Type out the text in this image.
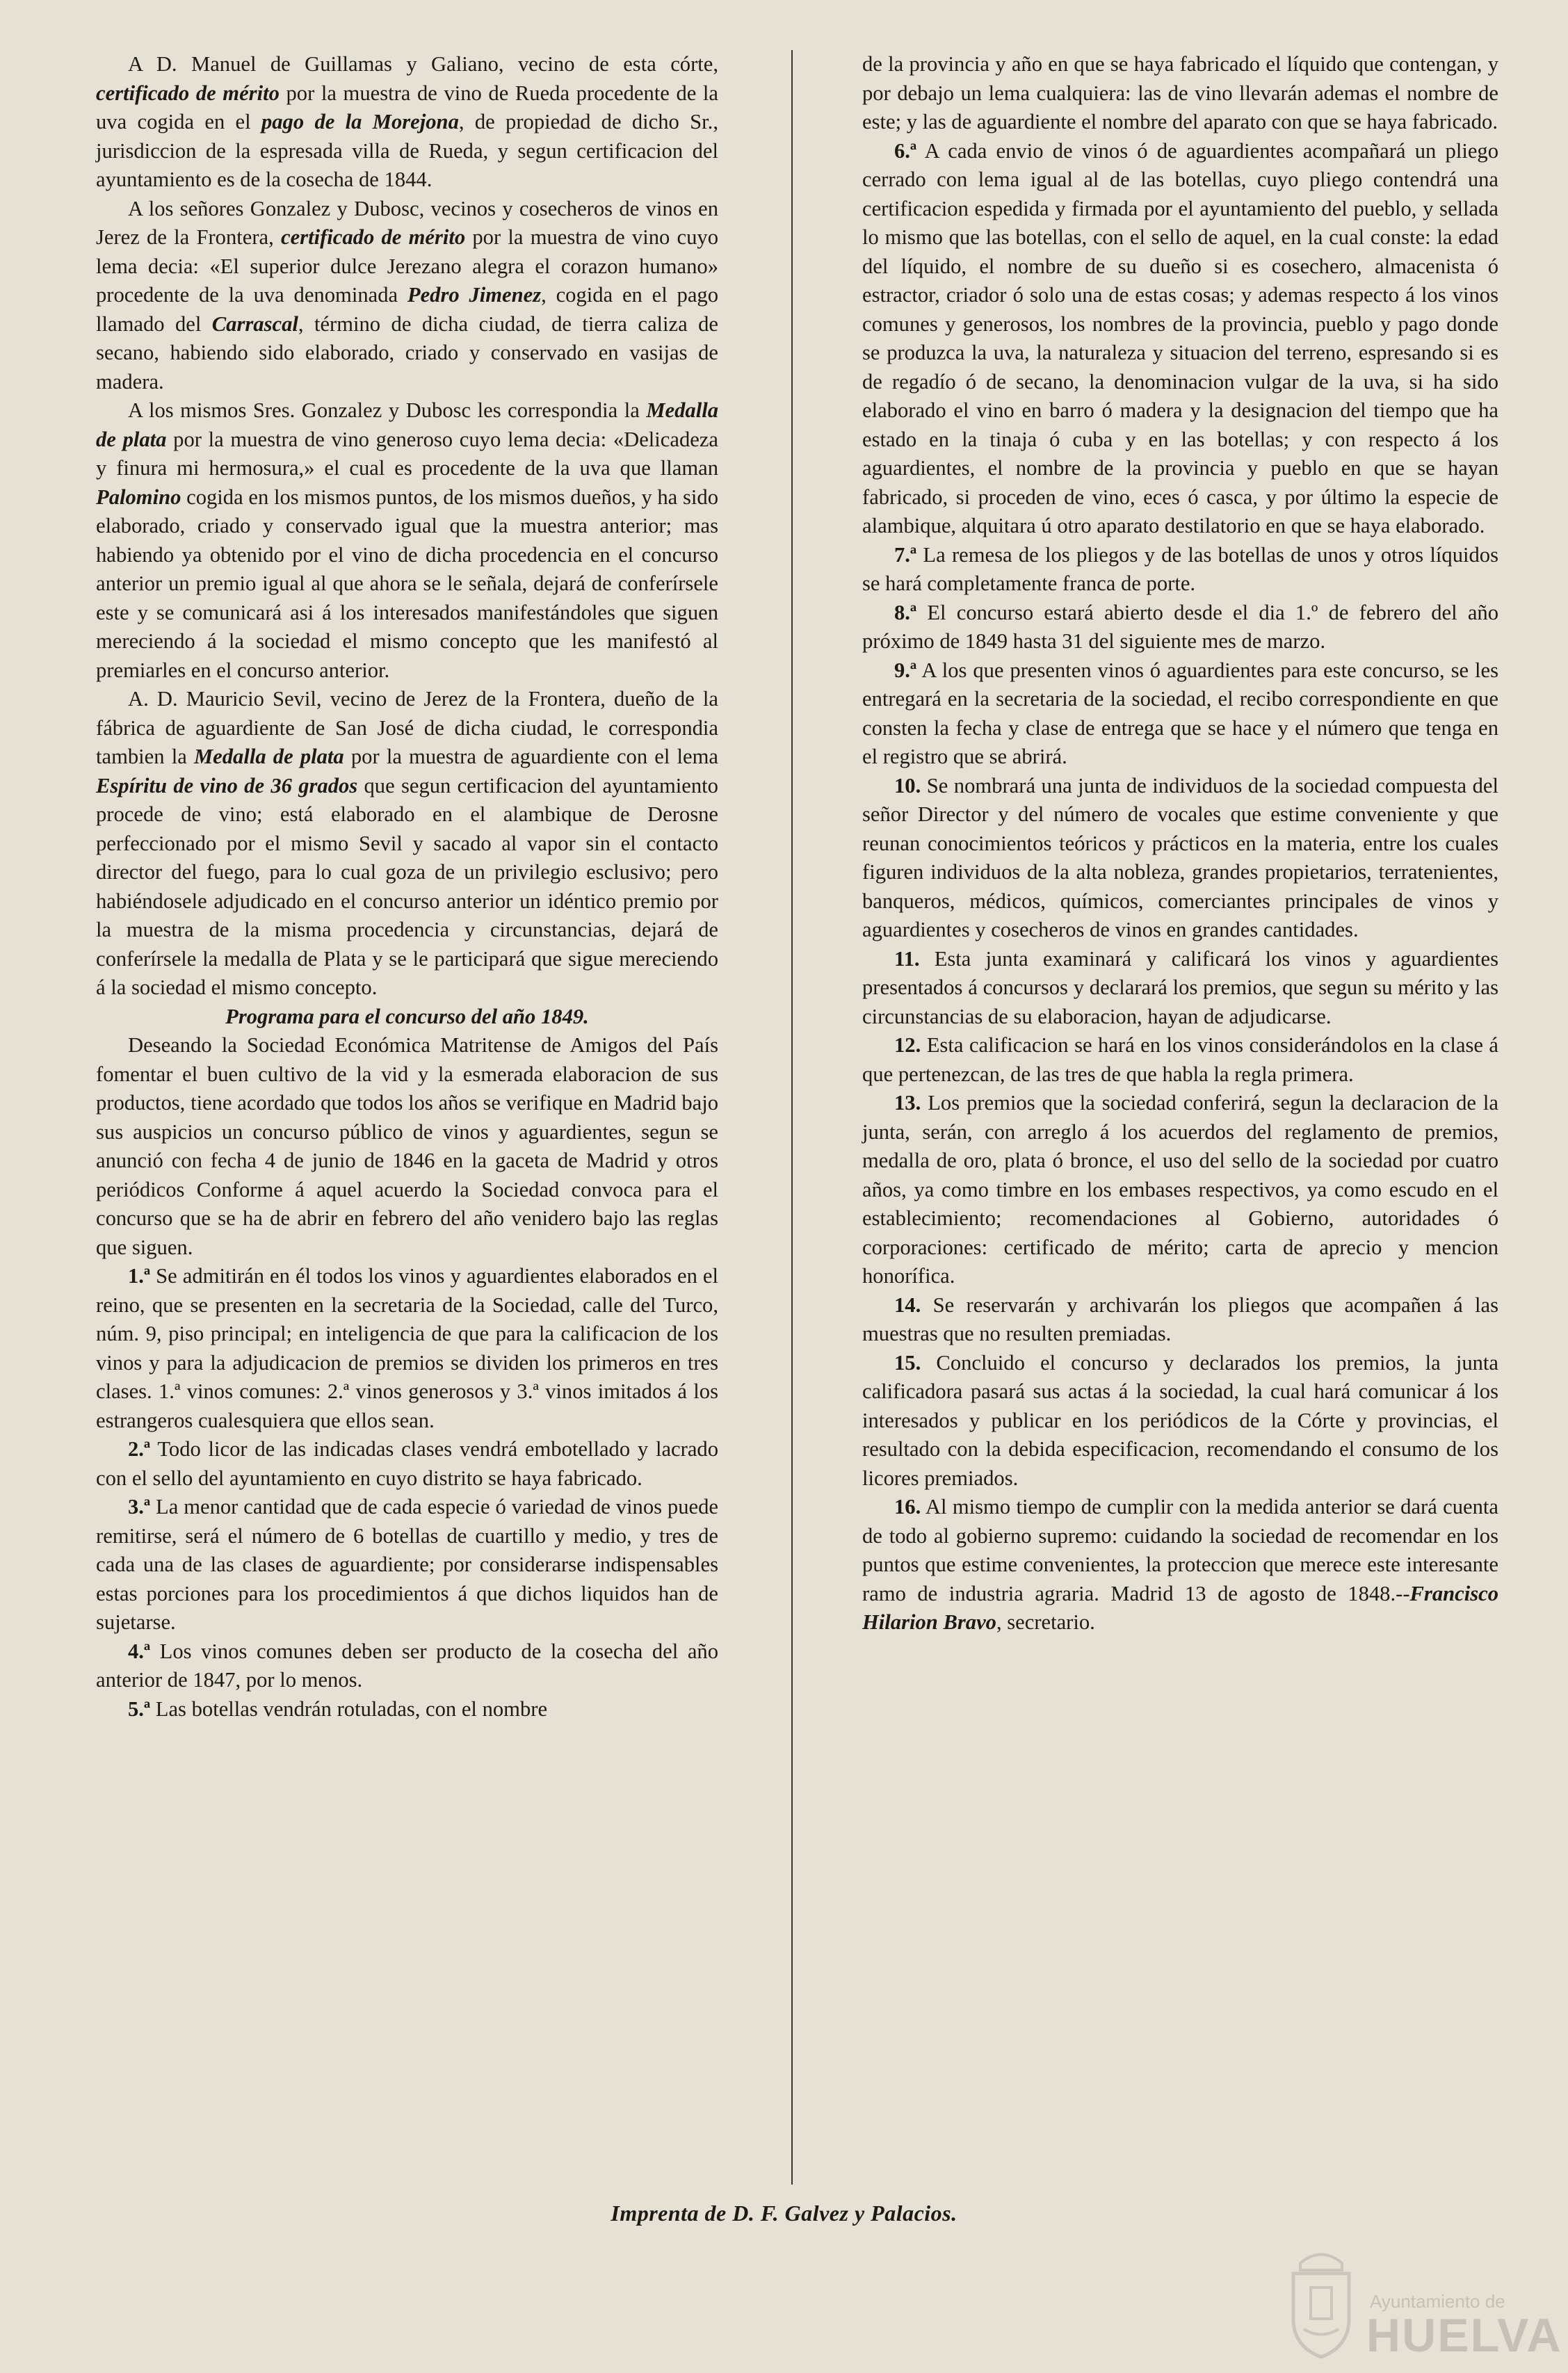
A D. Manuel de Guillamas y Galiano, vecino de esta córte, certificado de mérito por la muestra de vino de Rueda procedente de la uva cogida en el pago de la Morejona, de propiedad de dicho Sr., jurisdiccion de la espresada villa de Rueda, y segun certificacion del ayuntamiento es de la cosecha de 1844.

A los señores Gonzalez y Dubosc, vecinos y cosecheros de vinos en Jerez de la Frontera, certificado de mérito por la muestra de vino cuyo lema decia: «El superior dulce Jerezano alegra el corazon humano» procedente de la uva denominada Pedro Jimenez, cogida en el pago llamado del Carrascal, término de dicha ciudad, de tierra caliza de secano, habiendo sido elaborado, criado y conservado en vasijas de madera.

A los mismos Sres. Gonzalez y Dubosc les correspondia la Medalla de plata por la muestra de vino generoso cuyo lema decia: «Delicadeza y finura mi hermosura,» el cual es procedente de la uva que llaman Palomino cogida en los mismos puntos, de los mismos dueños, y ha sido elaborado, criado y conservado igual que la muestra anterior; mas habiendo ya obtenido por el vino de dicha procedencia en el concurso anterior un premio igual al que ahora se le señala, dejará de conferírsele este y se comunicará asi á los interesados manifestándoles que siguen mereciendo á la sociedad el mismo concepto que les manifestó al premiarles en el concurso anterior.

A. D. Mauricio Sevil, vecino de Jerez de la Frontera, dueño de la fábrica de aguardiente de San José de dicha ciudad, le correspondia tambien la Medalla de plata por la muestra de aguardiente con el lema Espíritu de vino de 36 grados que segun certificacion del ayuntamiento procede de vino; está elaborado en el alambique de Derosne perfeccionado por el mismo Sevil y sacado al vapor sin el contacto director del fuego, para lo cual goza de un privilegio esclusivo; pero habiéndosele adjudicado en el concurso anterior un idéntico premio por la muestra de la misma procedencia y circunstancias, dejará de conferírsele la medalla de Plata y se le participará que sigue mereciendo á la sociedad el mismo concepto.

Programa para el concurso del año 1849.

Deseando la Sociedad Económica Matritense de Amigos del País fomentar el buen cultivo de la vid y la esmerada elaboracion de sus productos, tiene acordado que todos los años se verifique en Madrid bajo sus auspicios un concurso público de vinos y aguardientes, segun se anunció con fecha 4 de junio de 1846 en la gaceta de Madrid y otros periódicos Conforme á aquel acuerdo la Sociedad convoca para el concurso que se ha de abrir en febrero del año venidero bajo las reglas que siguen.

1.ª Se admitirán en él todos los vinos y aguardientes elaborados en el reino, que se presenten en la secretaria de la Sociedad, calle del Turco, núm. 9, piso principal; en inteligencia de que para la calificacion de los vinos y para la adjudicacion de premios se dividen los primeros en tres clases. 1.ª vinos comunes: 2.ª vinos generosos y 3.ª vinos imitados á los estrangeros cualesquiera que ellos sean.

2.ª Todo licor de las indicadas clases vendrá embotellado y lacrado con el sello del ayuntamiento en cuyo distrito se haya fabricado.

3.ª La menor cantidad que de cada especie ó variedad de vinos puede remitirse, será el número de 6 botellas de cuartillo y medio, y tres de cada una de las clases de aguardiente; por considerarse indispensables estas porciones para los procedimientos á que dichos liquidos han de sujetarse.

4.ª Los vinos comunes deben ser producto de la cosecha del año anterior de 1847, por lo menos.

5.ª Las botellas vendrán rotuladas, con el nombre

de la provincia y año en que se haya fabricado el líquido que contengan, y por debajo un lema cualquiera: las de vino llevarán ademas el nombre de este; y las de aguardiente el nombre del aparato con que se haya fabricado.

6.ª A cada envio de vinos ó de aguardientes acompañará un pliego cerrado con lema igual al de las botellas, cuyo pliego contendrá una certificacion espedida y firmada por el ayuntamiento del pueblo, y sellada lo mismo que las botellas, con el sello de aquel, en la cual conste: la edad del líquido, el nombre de su dueño si es cosechero, almacenista ó estractor, criador ó solo una de estas cosas; y ademas respecto á los vinos comunes y generosos, los nombres de la provincia, pueblo y pago donde se produzca la uva, la naturaleza y situacion del terreno, espresando si es de regadío ó de secano, la denominacion vulgar de la uva, si ha sido elaborado el vino en barro ó madera y la designacion del tiempo que ha estado en la tinaja ó cuba y en las botellas; y con respecto á los aguardientes, el nombre de la provincia y pueblo en que se hayan fabricado, si proceden de vino, eces ó casca, y por último la especie de alambique, alquitara ú otro aparato destilatorio en que se haya elaborado.

7.ª La remesa de los pliegos y de las botellas de unos y otros líquidos se hará completamente franca de porte.

8.ª El concurso estará abierto desde el dia 1.º de febrero del año próximo de 1849 hasta 31 del siguiente mes de marzo.

9.ª A los que presenten vinos ó aguardientes para este concurso, se les entregará en la secretaria de la sociedad, el recibo correspondiente en que consten la fecha y clase de entrega que se hace y el número que tenga en el registro que se abrirá.

10. Se nombrará una junta de individuos de la sociedad compuesta del señor Director y del número de vocales que estime conveniente y que reunan conocimientos teóricos y prácticos en la materia, entre los cuales figuren individuos de la alta nobleza, grandes propietarios, terratenientes, banqueros, médicos, químicos, comerciantes principales de vinos y aguardientes y cosecheros de vinos en grandes cantidades.

11. Esta junta examinará y calificará los vinos y aguardientes presentados á concursos y declarará los premios, que segun su mérito y las circunstancias de su elaboracion, hayan de adjudicarse.

12. Esta calificacion se hará en los vinos considerándolos en la clase á que pertenezcan, de las tres de que habla la regla primera.

13. Los premios que la sociedad conferirá, segun la declaracion de la junta, serán, con arreglo á los acuerdos del reglamento de premios, medalla de oro, plata ó bronce, el uso del sello de la sociedad por cuatro años, ya como timbre en los embases respectivos, ya como escudo en el establecimiento; recomendaciones al Gobierno, autoridades ó corporaciones: certificado de mérito; carta de aprecio y mencion honorífica.

14. Se reservarán y archivarán los pliegos que acompañen á las muestras que no resulten premiadas.

15. Concluido el concurso y declarados los premios, la junta calificadora pasará sus actas á la sociedad, la cual hará comunicar á los interesados y publicar en los periódicos de la Córte y provincias, el resultado con la debida especificacion, recomendando el consumo de los licores premiados.

16. Al mismo tiempo de cumplir con la medida anterior se dará cuenta de todo al gobierno supremo: cuidando la sociedad de recomendar en los puntos que estime convenientes, la proteccion que merece este interesante ramo de industria agraria. Madrid 13 de agosto de 1848.--Francisco Hilarion Bravo, secretario.

Imprenta de D. F. Galvez y Palacios.
Ayuntamiento de
HUELVA
